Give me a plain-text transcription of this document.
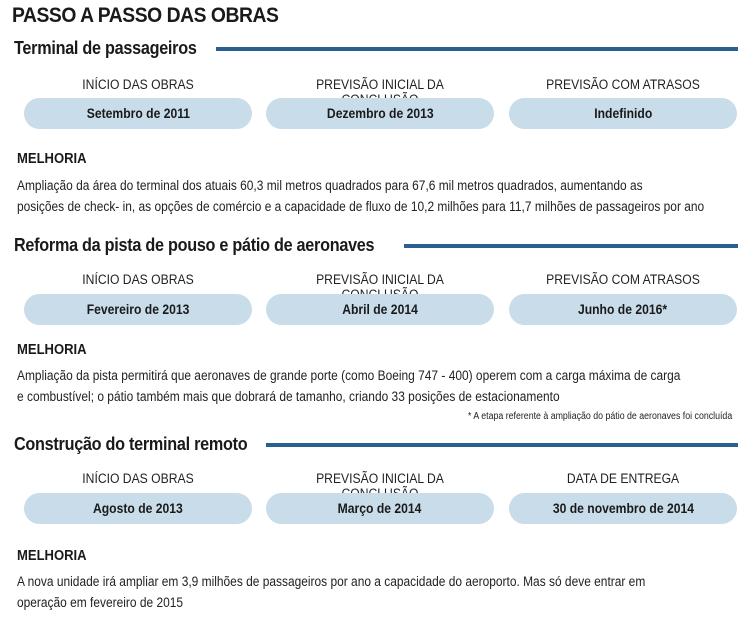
PASSO A PASSO DAS OBRAS
Terminal de passageiros
INÍCIO DAS OBRAS	PREVISÃO INICIAL DA	PREVISÃO COM ATRASOS
Setembro de 2011	Dezembro de 2013	Indefinido
MELHORIA
Ampliação da área do terminal dos atuais 60,3 mil metros quadrados para 67,6 mil metros quadrados, aumentando as
posições de check- in, as opções de comércio e a capacidade de fluxo de 10,2 milhões para 11,7 milhões de passageiros por ano
Reforma da pista de pouso e pátio de aeronaves
INÍCIO DAS OBRAS	PREVISÃO INICIAL DA	PREVISÃO COM ATRASOS
Fevereiro de 2013	Abril de 2014	Junho de 2016*
MELHORIA
Ampliação da pista permitirá que aeronaves de grande porte (como Boeing 747 - 400) operem com a carga máxima de carga
e combustível; o pátio também mais que dobrará de tamanho, criando 33 posições de estacionamento
* A etapa referente à ampliação do pátio de aeronaves foi concluída
Construção do terminal remoto
INÍCIO DAS OBRAS	PREVISÃO INICIAL DA	DATA DE ENTREGA
Agosto de 2013	Março de 2014	30 de novembro de 2014
MELHORIA
A nova unidade irá ampliar em 3,9 milhões de passageiros por ano a capacidade do aeroporto. Mas só deve entrar em
operação em fevereiro de 2015
